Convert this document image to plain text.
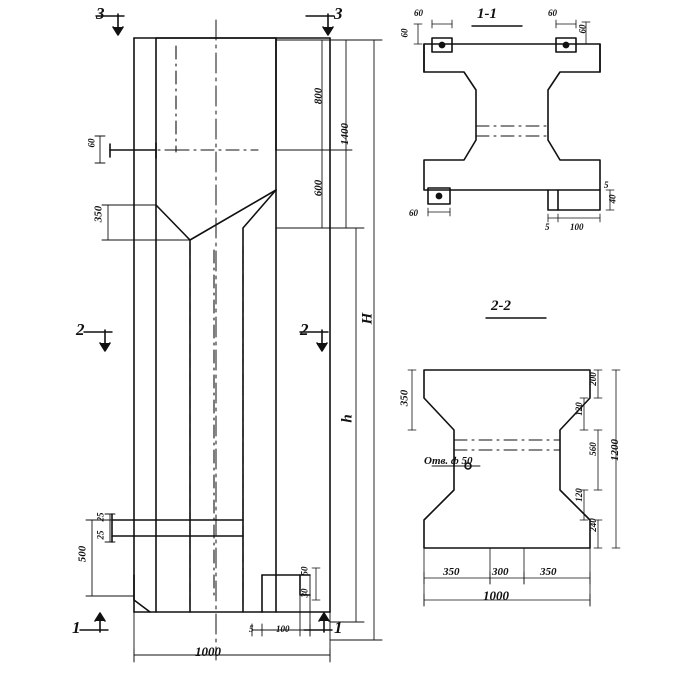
3	3
2	2
1	1
800
1400
600
350
60
H
h
500
25
25
50
30
5	100
1000
1-1
60	60
60	60
60
5
40
5
100
2-2
350
200
120
560
120
240
1200
350	300	350
1000
Отв. ф 50
